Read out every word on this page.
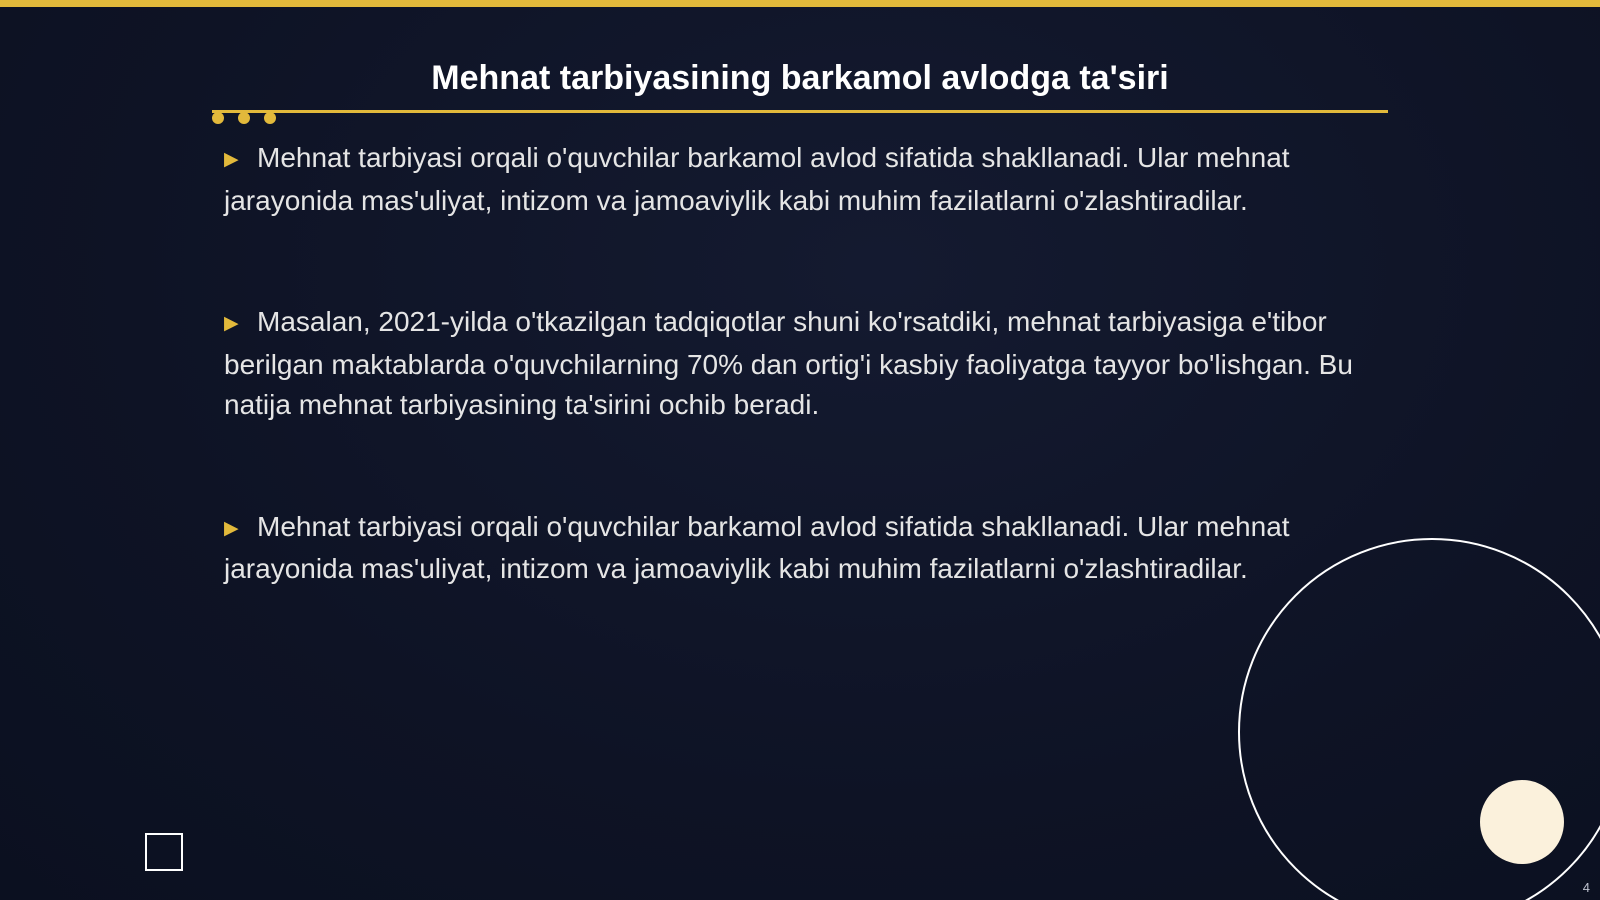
Mehnat tarbiyasining barkamol avlodga ta'siri

▶ Mehnat tarbiyasi orqali o'quvchilar barkamol avlod sifatida shakllanadi. Ular mehnat jarayonida mas'uliyat, intizom va jamoaviylik kabi muhim fazilatlarni o'zlashtiradilar.

▶ Masalan, 2021-yilda o'tkazilgan tadqiqotlar shuni ko'rsatdiki, mehnat tarbiyasiga e'tibor berilgan maktablarda o'quvchilarning 70% dan ortig'i kasbiy faoliyatga tayyor bo'lishgan. Bu natija mehnat tarbiyasining ta'sirini ochib beradi.

▶ Mehnat tarbiyasi orqali o'quvchilar barkamol avlod sifatida shakllanadi. Ular mehnat jarayonida mas'uliyat, intizom va jamoaviylik kabi muhim fazilatlarni o'zlashtiradilar.

4
